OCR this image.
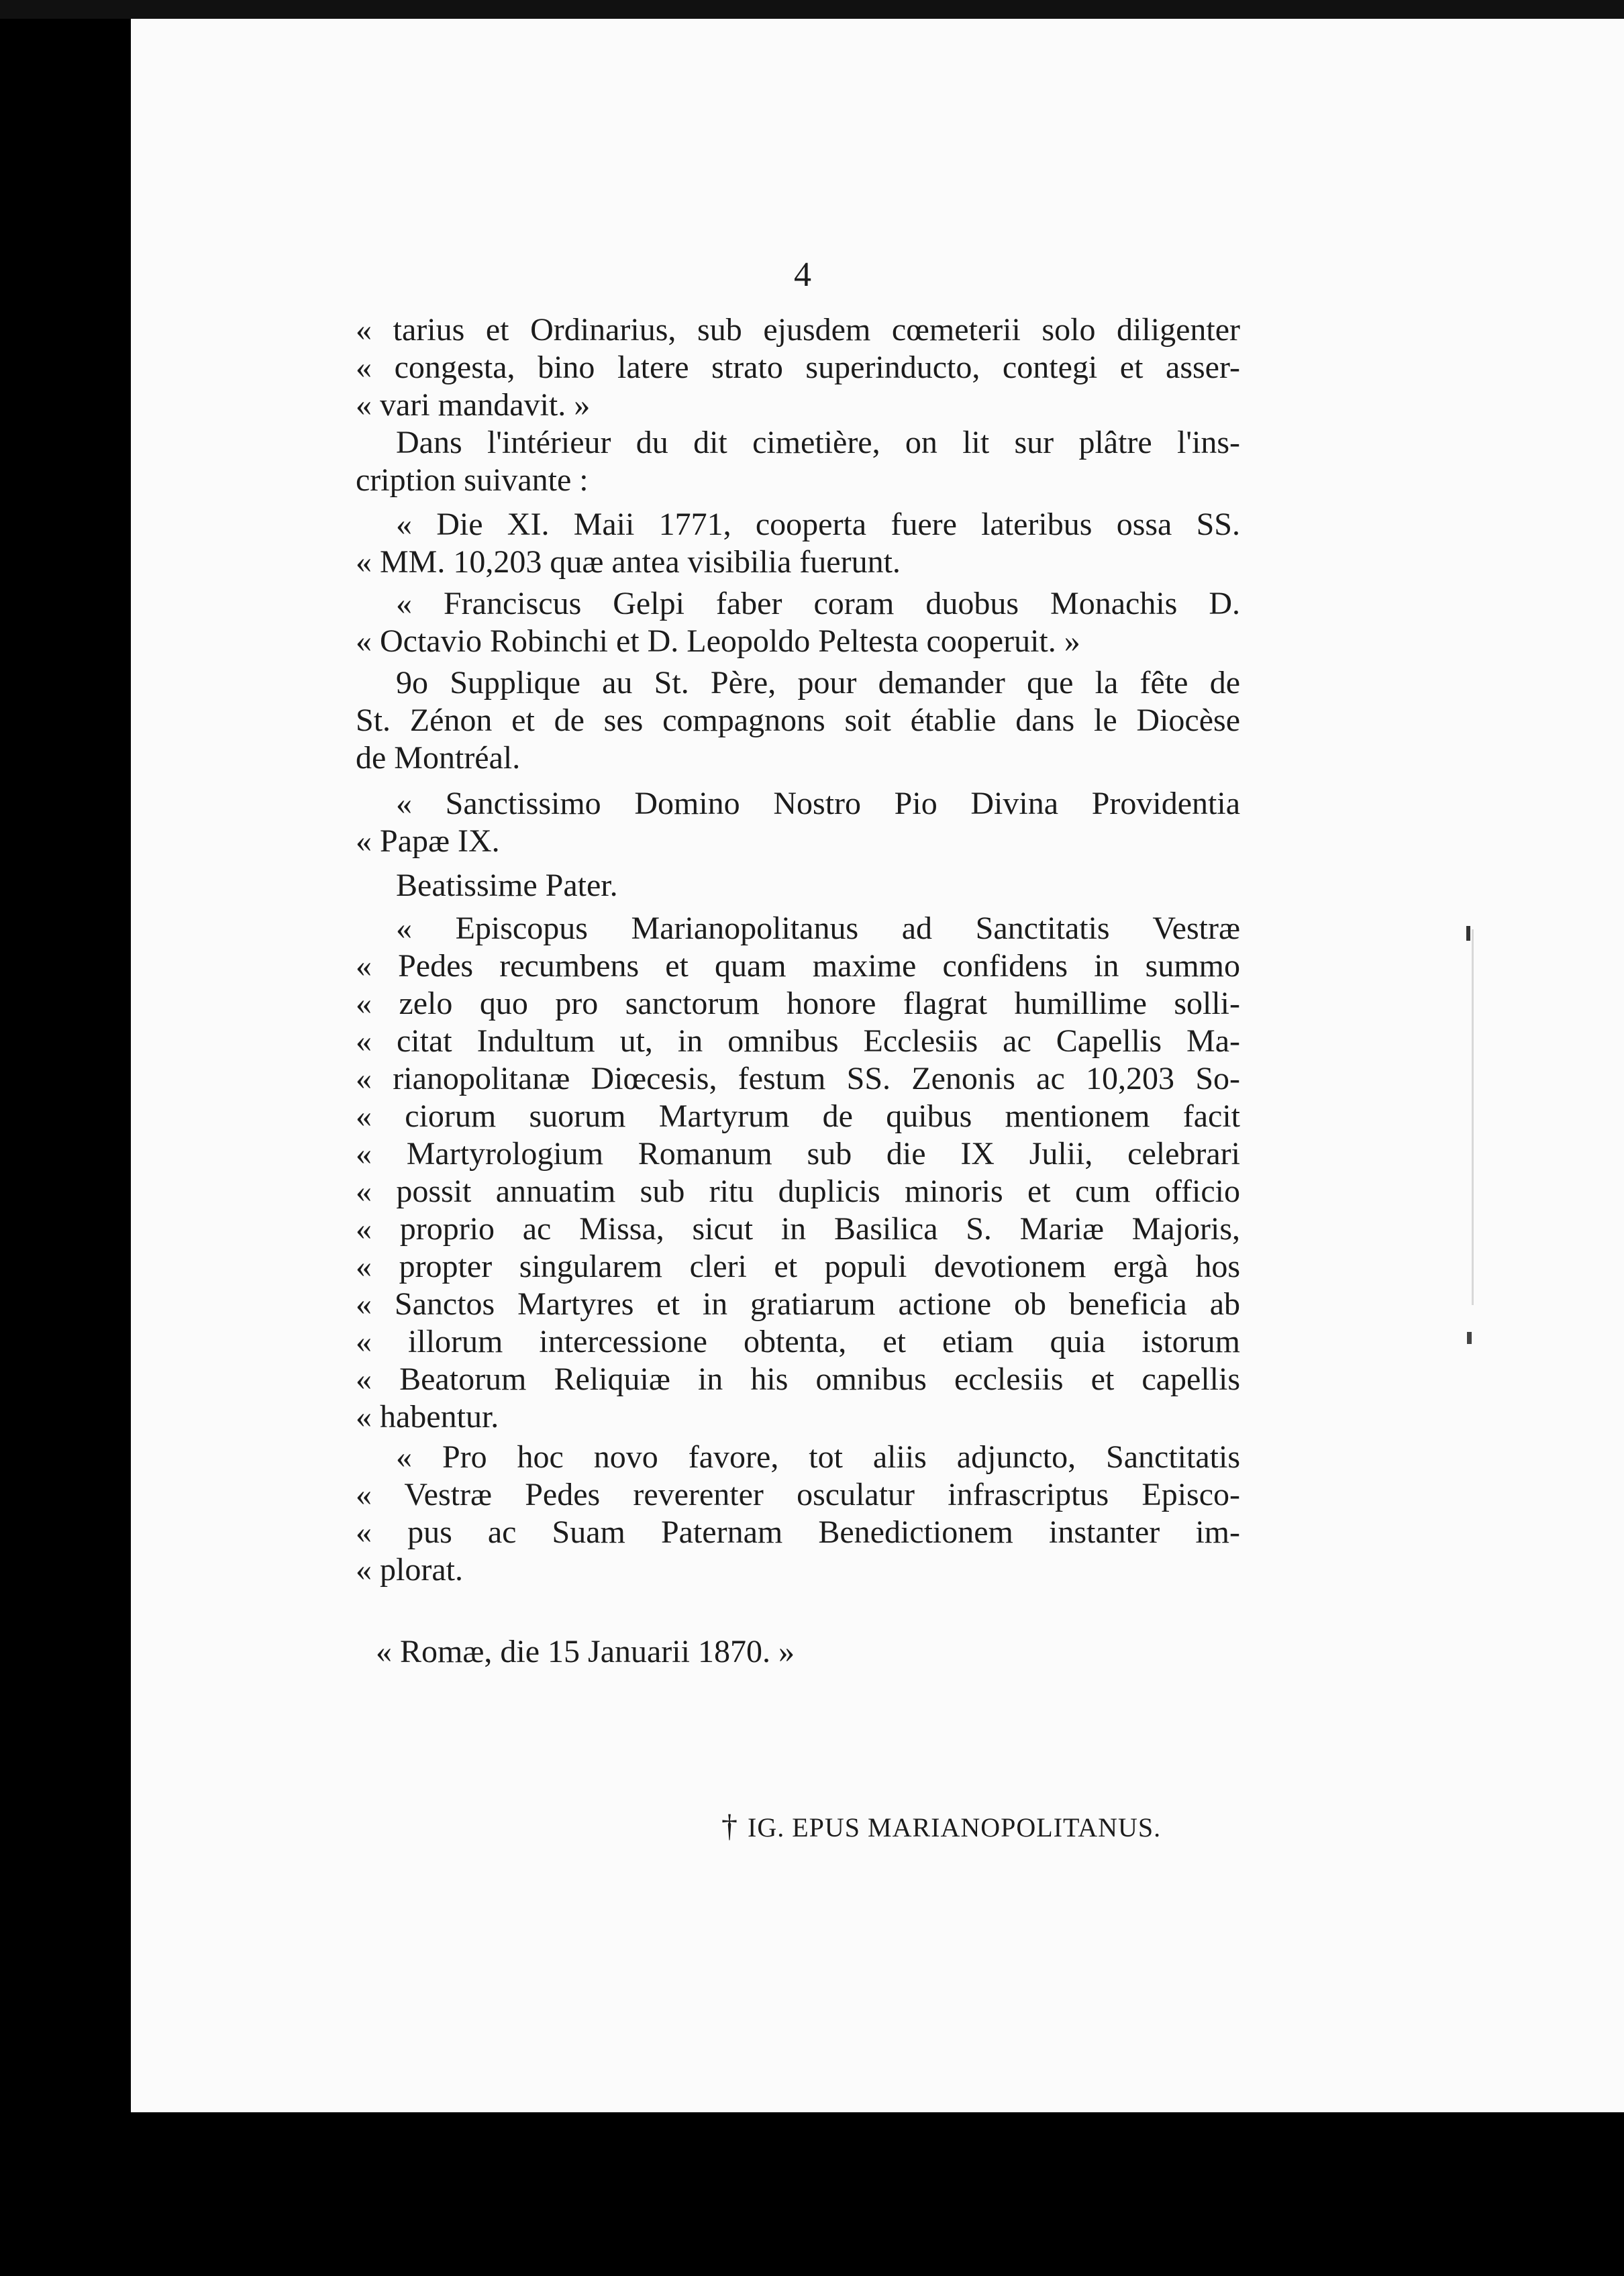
4

« tarius et Ordinarius, sub ejusdem cœmeterii solo diligenter

« congesta, bino latere strato superinducto, contegi et asser-

« vari mandavit. »

Dans l'intérieur du dit cimetière, on lit sur plâtre l'ins-

cription suivante :

« Die XI. Maii 1771, cooperta fuere lateribus ossa SS.

« MM. 10,203 quæ antea visibilia fuerunt.

« Franciscus Gelpi faber coram duobus Monachis D.

« Octavio Robinchi et D. Leopoldo Peltesta cooperuit. »

9o Supplique au St. Père, pour demander que la fête de

St. Zénon et de ses compagnons soit établie dans le Diocèse

de Montréal.

« Sanctissimo Domino Nostro Pio Divina Providentia

« Papæ IX.

Beatissime Pater.

« Episcopus Marianopolitanus ad Sanctitatis Vestræ

« Pedes recumbens et quam maxime confidens in summo

« zelo quo pro sanctorum honore flagrat humillime solli-

« citat Indultum ut, in omnibus Ecclesiis ac Capellis Ma-

« rianopolitanæ Diœcesis, festum SS. Zenonis ac 10,203 So-

« ciorum suorum Martyrum de quibus mentionem facit

« Martyrologium Romanum sub die IX Julii, celebrari

« possit annuatim sub ritu duplicis minoris et cum officio

« proprio ac Missa, sicut in Basilica S. Mariæ Majoris,

« propter singularem cleri et populi devotionem ergà hos

« Sanctos Martyres et in gratiarum actione ob beneficia ab

« illorum intercessione obtenta, et etiam quia istorum

« Beatorum Reliquiæ in his omnibus ecclesiis et capellis

« habentur.

« Pro hoc novo favore, tot aliis adjuncto, Sanctitatis

« Vestræ Pedes reverenter osculatur infrascriptus Episco-

« pus ac Suam Paternam Benedictionem instanter im-

« plorat.

« Romæ, die 15 Januarii 1870. »

† IG. EPUS MARIANOPOLITANUS.
